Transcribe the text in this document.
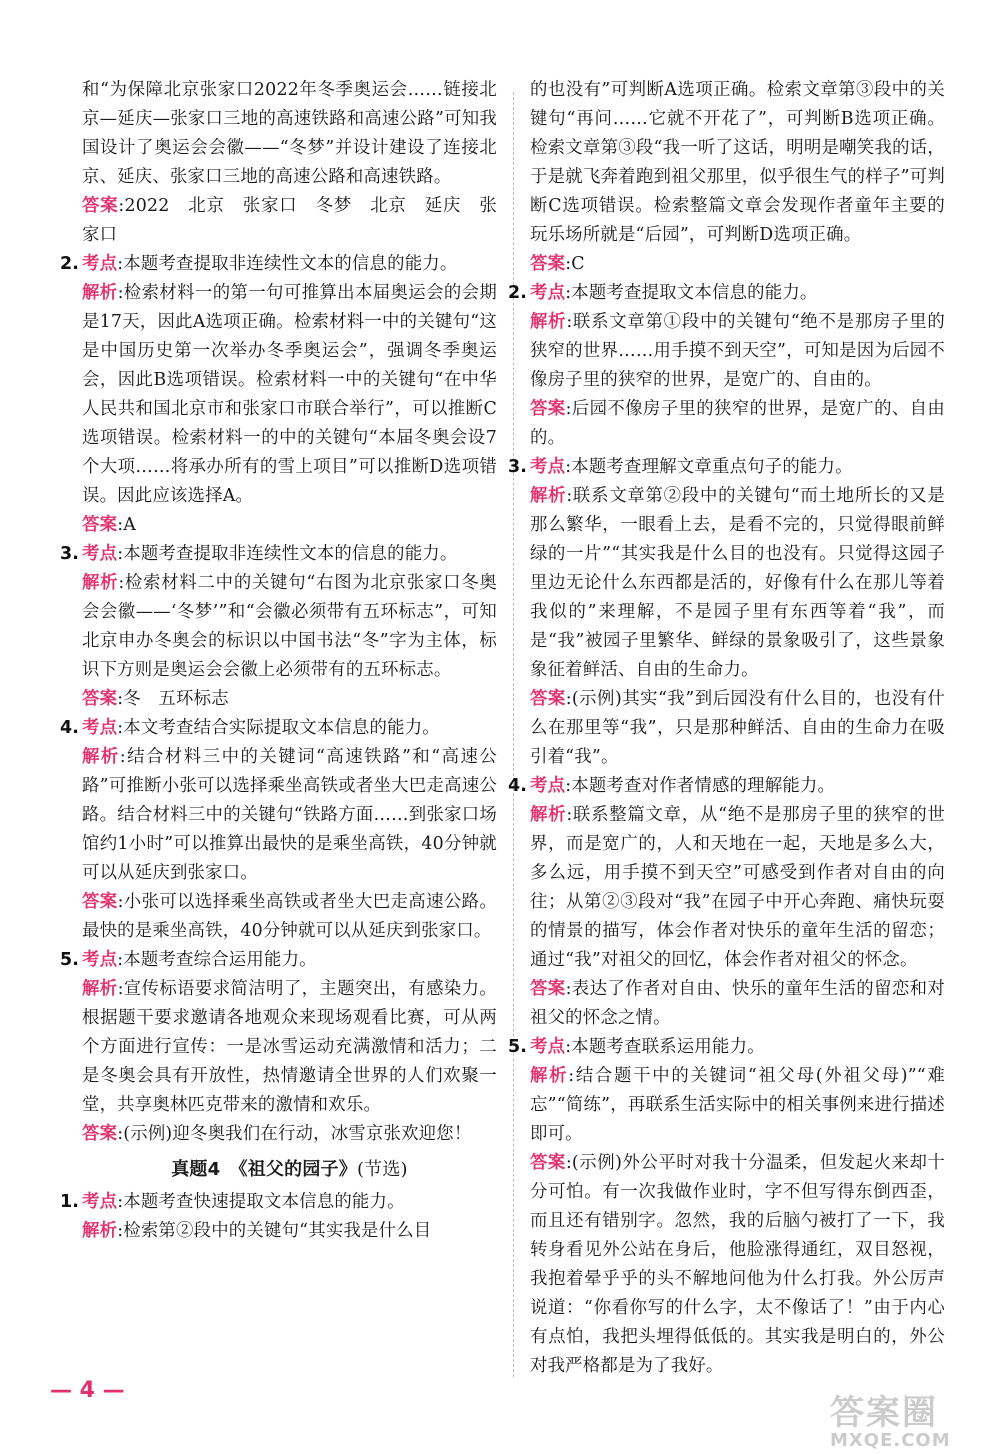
和“为保障北京张家口2022年冬季奥运会……链接北京—延庆—张家口三地的高速铁路和高速公路”可知我国设计了奥运会会徽——“冬梦”并设计建设了连接北京、延庆、张家口三地的高速公路和高速铁路。

答案:2022　北京　张家口　冬梦　北京　延庆　张家口

2. 考点:本题考查提取非连续性文本的信息的能力。

解析:检索材料一的第一句可推算出本届奥运会的会期是17天，因此A选项正确。检索材料一中的关键句“这是中国历史第一次举办冬季奥运会”，强调冬季奥运会，因此B选项错误。检索材料一中的关键句“在中华人民共和国北京市和张家口市联合举行”，可以推断C选项错误。检索材料一的中的关键句“本届冬奥会设7个大项……将承办所有的雪上项目”可以推断D选项错误。因此应该选择A。

答案:A

3. 考点:本题考查提取非连续性文本的信息的能力。

解析:检索材料二中的关键句“右图为北京张家口冬奥会会徽——‘冬梦’”和“会徽必须带有五环标志”，可知北京申办冬奥会的标识以中国书法“冬”字为主体，标识下方则是奥运会会徽上必须带有的五环标志。

答案:冬　五环标志

4. 考点:本文考查结合实际提取文本信息的能力。

解析:结合材料三中的关键词“高速铁路”和“高速公路”可推断小张可以选择乘坐高铁或者坐大巴走高速公路。结合材料三中的关键句“铁路方面……到张家口场馆约1小时”可以推算出最快的是乘坐高铁，40分钟就可以从延庆到张家口。

答案:小张可以选择乘坐高铁或者坐大巴走高速公路。最快的是乘坐高铁，40分钟就可以从延庆到张家口。

5. 考点:本题考查综合运用能力。

解析:宣传标语要求简洁明了，主题突出，有感染力。根据题干要求邀请各地观众来现场观看比赛，可从两个方面进行宣传：一是冰雪运动充满激情和活力；二是冬奥会具有开放性，热情邀请全世界的人们欢聚一堂，共享奥林匹克带来的激情和欢乐。

答案:(示例)迎冬奥我们在行动，冰雪京张欢迎您！

真题4　《祖父的园子》(节选)
1. 考点:本题考查快速提取文本信息的能力。

解析:检索第②段中的关键句“其实我是什么目

的也没有”可判断A选项正确。检索文章第③段中的关键句“再问……它就不开花了”，可判断B选项正确。检索文章第③段“我一听了这话，明明是嘲笑我的话，于是就飞奔着跑到祖父那里，似乎很生气的样子”可判断C选项错误。检索整篇文章会发现作者童年主要的玩乐场所就是“后园”，可判断D选项正确。

答案:C

2. 考点:本题考查提取文本信息的能力。

解析:联系文章第①段中的关键句“绝不是那房子里的狭窄的世界……用手摸不到天空”，可知是因为后园不像房子里的狭窄的世界，是宽广的、自由的。

答案:后园不像房子里的狭窄的世界，是宽广的、自由的。

3. 考点:本题考查理解文章重点句子的能力。

解析:联系文章第②段中的关键句“而土地所长的又是那么繁华，一眼看上去，是看不完的，只觉得眼前鲜绿的一片”“其实我是什么目的也没有。只觉得这园子里边无论什么东西都是活的，好像有什么在那儿等着我似的”来理解，不是园子里有东西等着“我”，而是“我”被园子里繁华、鲜绿的景象吸引了，这些景象象征着鲜活、自由的生命力。

答案:(示例)其实“我”到后园没有什么目的，也没有什么在那里等“我”，只是那种鲜活、自由的生命力在吸引着“我”。

4. 考点:本题考查对作者情感的理解能力。

解析:联系整篇文章，从“绝不是那房子里的狭窄的世界，而是宽广的，人和天地在一起，天地是多么大，多么远，用手摸不到天空”可感受到作者对自由的向往；从第②③段对“我”在园子中开心奔跑、痛快玩耍的情景的描写，体会作者对快乐的童年生活的留恋；通过“我”对祖父的回忆，体会作者对祖父的怀念。

答案:表达了作者对自由、快乐的童年生活的留恋和对祖父的怀念之情。

5. 考点:本题考查联系运用能力。

解析:结合题干中的关键词“祖父母(外祖父母)”“难忘”“简练”，再联系生活实际中的相关事例来进行描述即可。

答案:(示例)外公平时对我十分温柔，但发起火来却十分可怕。有一次我做作业时，字不但写得东倒西歪，而且还有错别字。忽然，我的后脑勺被打了一下，我转身看见外公站在身后，他脸涨得通红，双目怒视，我抱着晕乎乎的头不解地问他为什么打我。外公厉声说道：“你看你写的什么字，太不像话了！”由于内心有点怕，我把头埋得低低的。其实我是明白的，外公对我严格都是为了我好。

— 4 —
答案圈
MXQE.COM
